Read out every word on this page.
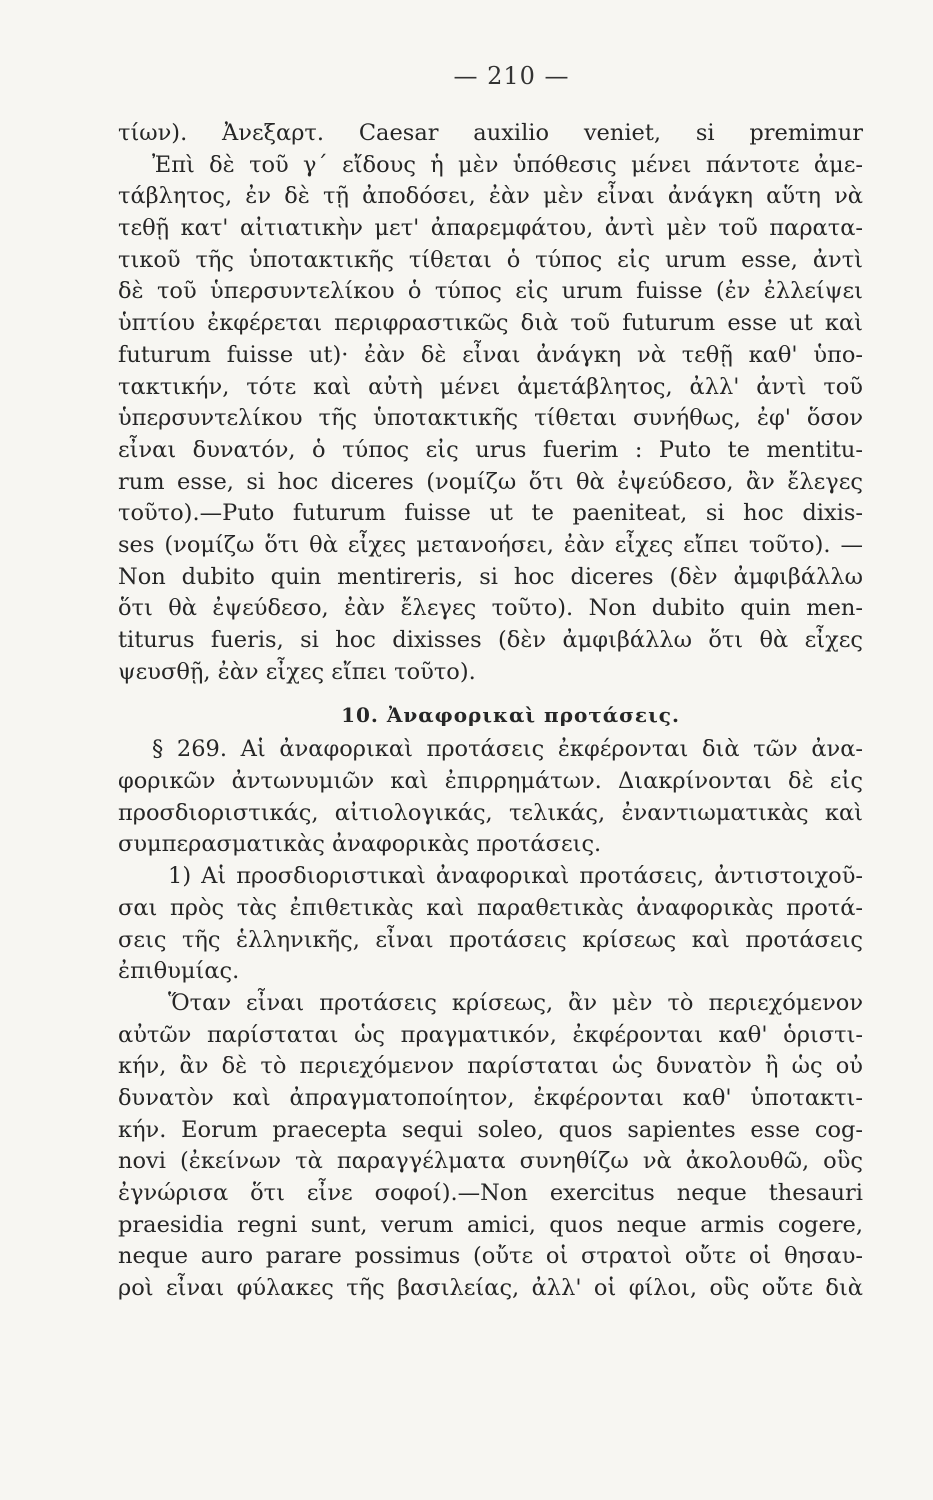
— 210 —
τίων). Ἀνεξαρτ. Caesar auxilio veniet, si premimur
Ἐπὶ δὲ τοῦ γ΄ εἴδους ἡ μὲν ὑπόθεσις μένει πάντοτε ἀμε-
τάβλητος, ἐν δὲ τῇ ἀποδόσει, ἐὰν μὲν εἶναι ἀνάγκη αὕτη νὰ
τεθῇ κατ' αἰτιατικὴν μετ' ἀπαρεμφάτου, ἀντὶ μὲν τοῦ παρατα-
τικοῦ τῆς ὑποτακτικῆς τίθεται ὁ τύπος εἰς urum esse, ἀντὶ
δὲ τοῦ ὑπερσυντελίκου ὁ τύπος εἰς urum fuisse (ἐν ἐλλείψει
ὑπτίου ἐκφέρεται περιφραστικῶς διὰ τοῦ futurum esse ut καὶ
futurum fuisse ut)· ἐὰν δὲ εἶναι ἀνάγκη νὰ τεθῇ καθ' ὑπο-
τακτικήν, τότε καὶ αὐτὴ μένει ἀμετάβλητος, ἀλλ' ἀντὶ τοῦ
ὑπερσυντελίκου τῆς ὑποτακτικῆς τίθεται συνήθως, ἐφ' ὅσον
εἶναι δυνατόν, ὁ τύπος εἰς urus fuerim : Puto te mentitu-
rum esse, si hoc diceres (νομίζω ὅτι θὰ ἐψεύδεσο, ἂν ἔλεγες
τοῦτο).—Puto futurum fuisse ut te paeniteat, si hoc dixis-
ses (νομίζω ὅτι θὰ εἶχες μετανοήσει, ἐὰν εἶχες εἴπει τοῦτο). —
Non dubito quin mentireris, si hoc diceres (δὲν ἀμφιβάλλω
ὅτι θὰ ἐψεύδεσο, ἐὰν ἔλεγες τοῦτο). Non dubito quin men-
titurus fueris, si hoc dixisses (δὲν ἀμφιβάλλω ὅτι θὰ εἶχες
ψευσθῇ, ἐὰν εἶχες εἴπει τοῦτο).
10. Ἀναφορικαὶ προτάσεις.
§ 269. Αἱ ἀναφορικαὶ προτάσεις ἐκφέρονται διὰ τῶν ἀνα-
φορικῶν ἀντωνυμιῶν καὶ ἐπιρρημάτων. Διακρίνονται δὲ εἰς
προσδιοριστικάς, αἰτιολογικάς, τελικάς, ἐναντιωματικὰς καὶ
συμπερασματικὰς ἀναφορικὰς προτάσεις.
1) Αἱ προσδιοριστικαὶ ἀναφορικαὶ προτάσεις, ἀντιστοιχοῦ-
σαι πρὸς τὰς ἐπιθετικὰς καὶ παραθετικὰς ἀναφορικὰς προτά-
σεις τῆς ἑλληνικῆς, εἶναι προτάσεις κρίσεως καὶ προτάσεις
ἐπιθυμίας.
Ὅταν εἶναι προτάσεις κρίσεως, ἂν μὲν τὸ περιεχόμενον
αὐτῶν παρίσταται ὡς πραγματικόν, ἐκφέρονται καθ' ὁριστι-
κήν, ἂν δὲ τὸ περιεχόμενον παρίσταται ὡς δυνατὸν ἢ ὡς οὐ
δυνατὸν καὶ ἀπραγματοποίητον, ἐκφέρονται καθ' ὑποτακτι-
κήν. Eorum praecepta sequi soleo, quos sapientes esse cog-
novi (ἐκείνων τὰ παραγγέλματα συνηθίζω νὰ ἀκολουθῶ, οὓς
ἐγνώρισα ὅτι εἶνε σοφοί).—Non exercitus neque thesauri
praesidia regni sunt, verum amici, quos neque armis cogere,
neque auro parare possimus (οὔτε οἱ στρατοὶ οὔτε οἱ θησαυ-
ροὶ εἶναι φύλακες τῆς βασιλείας, ἀλλ' οἱ φίλοι, οὓς οὔτε διὰ
